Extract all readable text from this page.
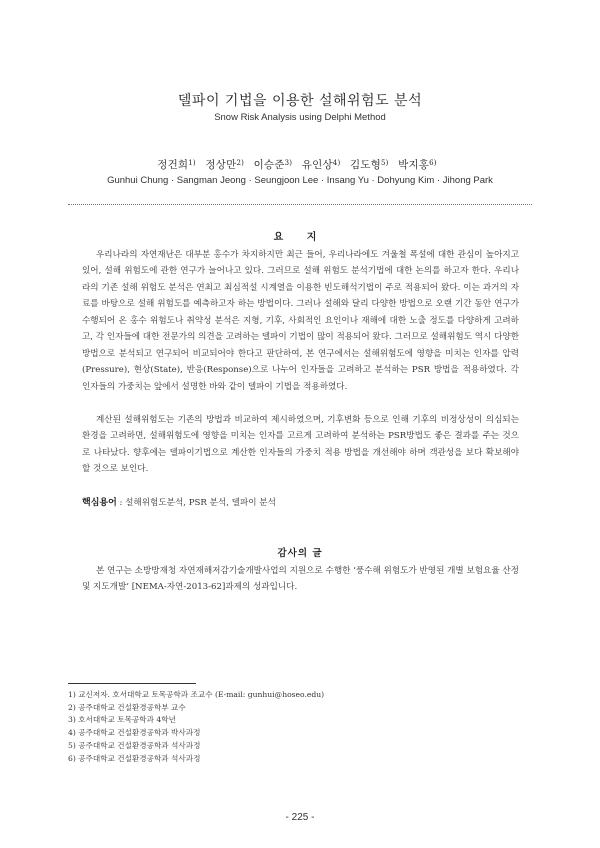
델파이 기법을 이용한 설해위험도 분석
Snow Risk Analysis using Delphi Method
정건희$^{1)}$ 정상만$^{2)}$ 이승준$^{3)}$ 유인상$^{4)}$ 김도형$^{5)}$ 박지홍$^{6)}$
Gunhui Chung · Sangman Jeong · Seungjoon Lee · Insang Yu · Dohyung Kim · Jihong Park
요 지

우리나라의 자연재난은 대부분 홍수가 차지하지만 최근 들어, 우리나라에도 겨울철 폭설에 대한 관심이 높아지고 있어, 설해 위험도에 관한 연구가 늘어나고 있다. 그러므로 설해 위험도 분석기법에 대한 논의를 하고자 한다. 우리나라의 기존 설해 위험도 분석은 연최고 최심적설 시계열을 이용한 빈도해석기법이 주로 적용되어 왔다. 이는 과거의 자료를 바탕으로 설해 위험도를 예측하고자 하는 방법이다. 그러나 설해와 달리 다양한 방법으로 오랜 기간 동안 연구가 수행되어 온 홍수 위험도나 취약성 분석은 지형, 기후, 사회적인 요인이나 재해에 대한 노출 정도를 다양하게 고려하고, 각 인자들에 대한 전문가의 의견을 고려하는 델파이 기법이 많이 적용되어 왔다. 그러므로 설해위험도 역시 다양한 방법으로 분석되고 연구되어 비교되어야 한다고 판단하여, 본 연구에서는 설해위험도에 영향을 미치는 인자를 압력(Pressure), 현상(State), 반응(Response)으로 나누어 인자들을 고려하고 분석하는 PSR 방법을 적용하였다. 각 인자들의 가중치는 앞에서 설명한 바와 같이 델파이 기법을 적용하였다.

계산된 설해위험도는 기존의 방법과 비교하여 제시하였으며, 기후변화 등으로 인해 기후의 비정상성이 의심되는 환경을 고려하면, 설해위험도에 영향을 미치는 인자를 고르게 고려하여 분석하는 PSR방법도 좋은 결과를 주는 것으로 나타났다. 향후에는 델파이기법으로 계산한 인자들의 가중치 적용 방법을 개선해야 하며 객관성을 보다 확보해야 할 것으로 보인다.

핵심용어 : 설해위험도분석, PSR 분석, 델파이 분석
감사의 글

본 연구는 소방방재청 자연재해저감기술개발사업의 지원으로 수행한 ‘풍수해 위험도가 반영된 개별 보험요율 산정 및 지도개발’ [NEMA-자연-2013-62]과제의 성과입니다.

1) 교신저자. 호서대학교 토목공학과 조교수 (E-mail: gunhui@hoseo.edu)
2) 공주대학교 건설환경공학부 교수
3) 호서대학교 토목공학과 4학년
4) 공주대학교 건설환경공학과 박사과정
5) 공주대학교 건설환경공학과 석사과정
6) 공주대학교 건설환경공학과 석사과정
- 225 -
